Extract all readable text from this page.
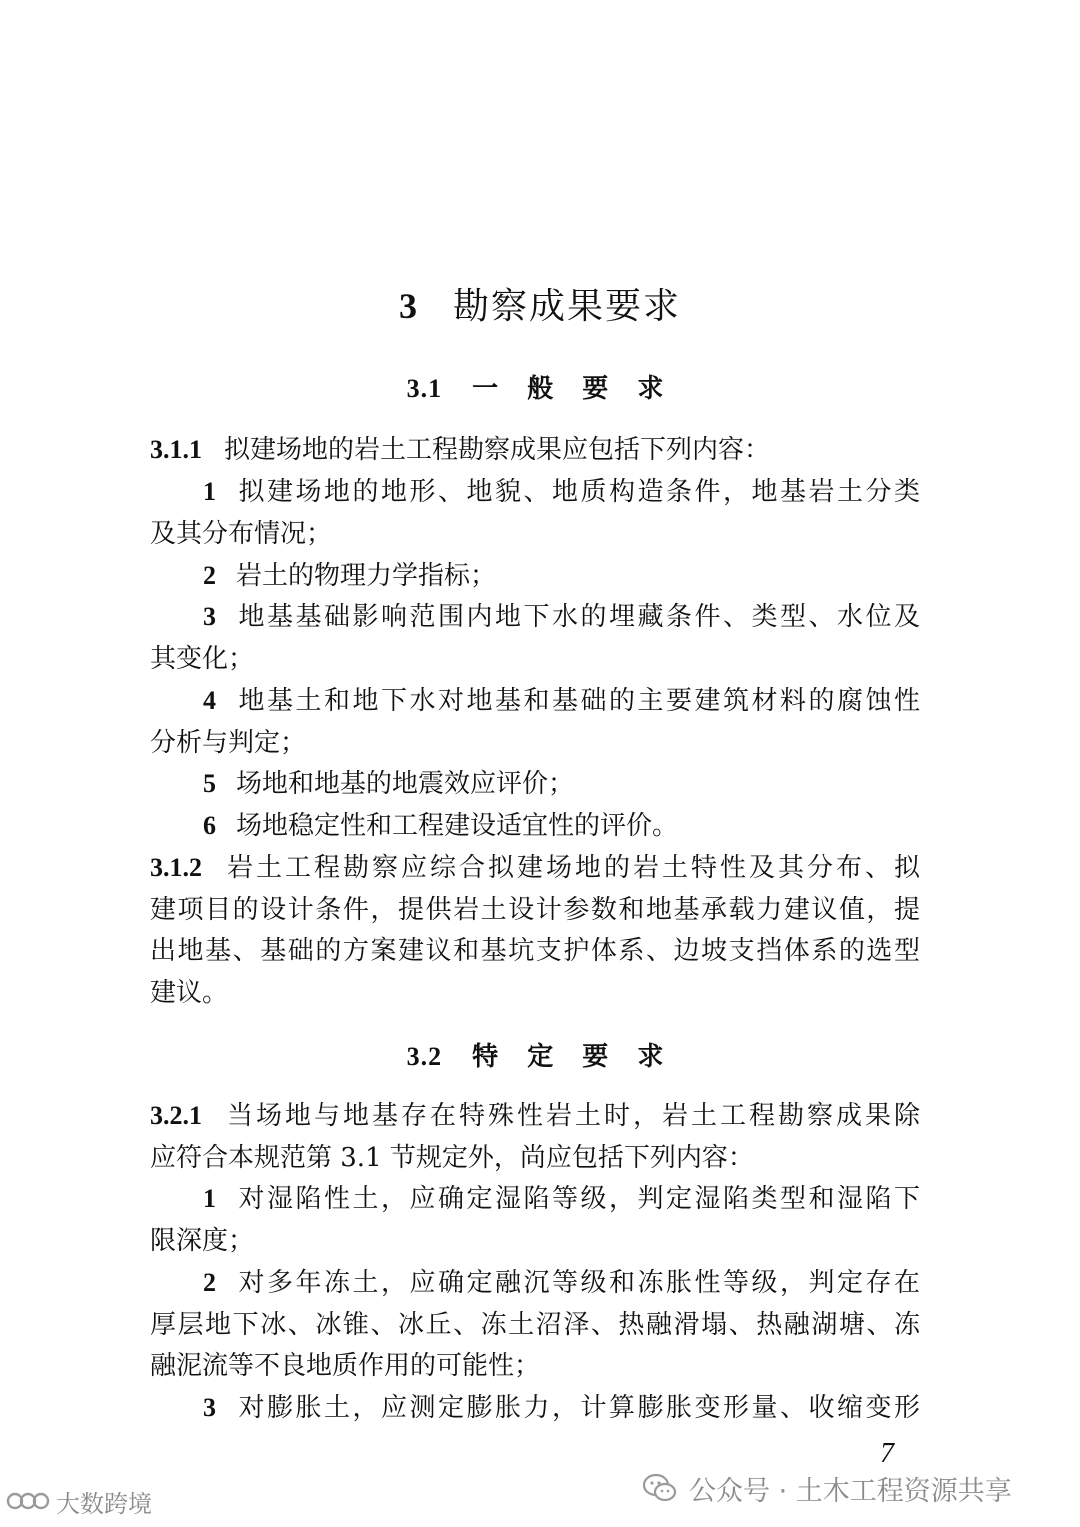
3 勘察成果要求
3.1 一 般 要 求
3.1.1 拟建场地的岩土工程勘察成果应包括下列内容：
1 拟建场地的地形、地貌、地质构造条件，地基岩土分类
及其分布情况；
2 岩土的物理力学指标；
3 地基基础影响范围内地下水的埋藏条件、类型、水位及
其变化；
4 地基土和地下水对地基和基础的主要建筑材料的腐蚀性
分析与判定；
5 场地和地基的地震效应评价；
6 场地稳定性和工程建设适宜性的评价。
3.1.2 岩土工程勘察应综合拟建场地的岩土特性及其分布、拟
建项目的设计条件，提供岩土设计参数和地基承载力建议值，提
出地基、基础的方案建议和基坑支护体系、边坡支挡体系的选型
建议。
3.2 特 定 要 求
3.2.1 当场地与地基存在特殊性岩土时，岩土工程勘察成果除
应符合本规范第 3.1 节规定外，尚应包括下列内容：
1 对湿陷性土，应确定湿陷等级，判定湿陷类型和湿陷下
限深度；
2 对多年冻土，应确定融沉等级和冻胀性等级，判定存在
厚层地下冰、冰锥、冰丘、冻土沼泽、热融滑塌、热融湖塘、冻
融泥流等不良地质作用的可能性；
3 对膨胀土，应测定膨胀力，计算膨胀变形量、收缩变形
7
公众号 · 土木工程资源共享
大数跨境
